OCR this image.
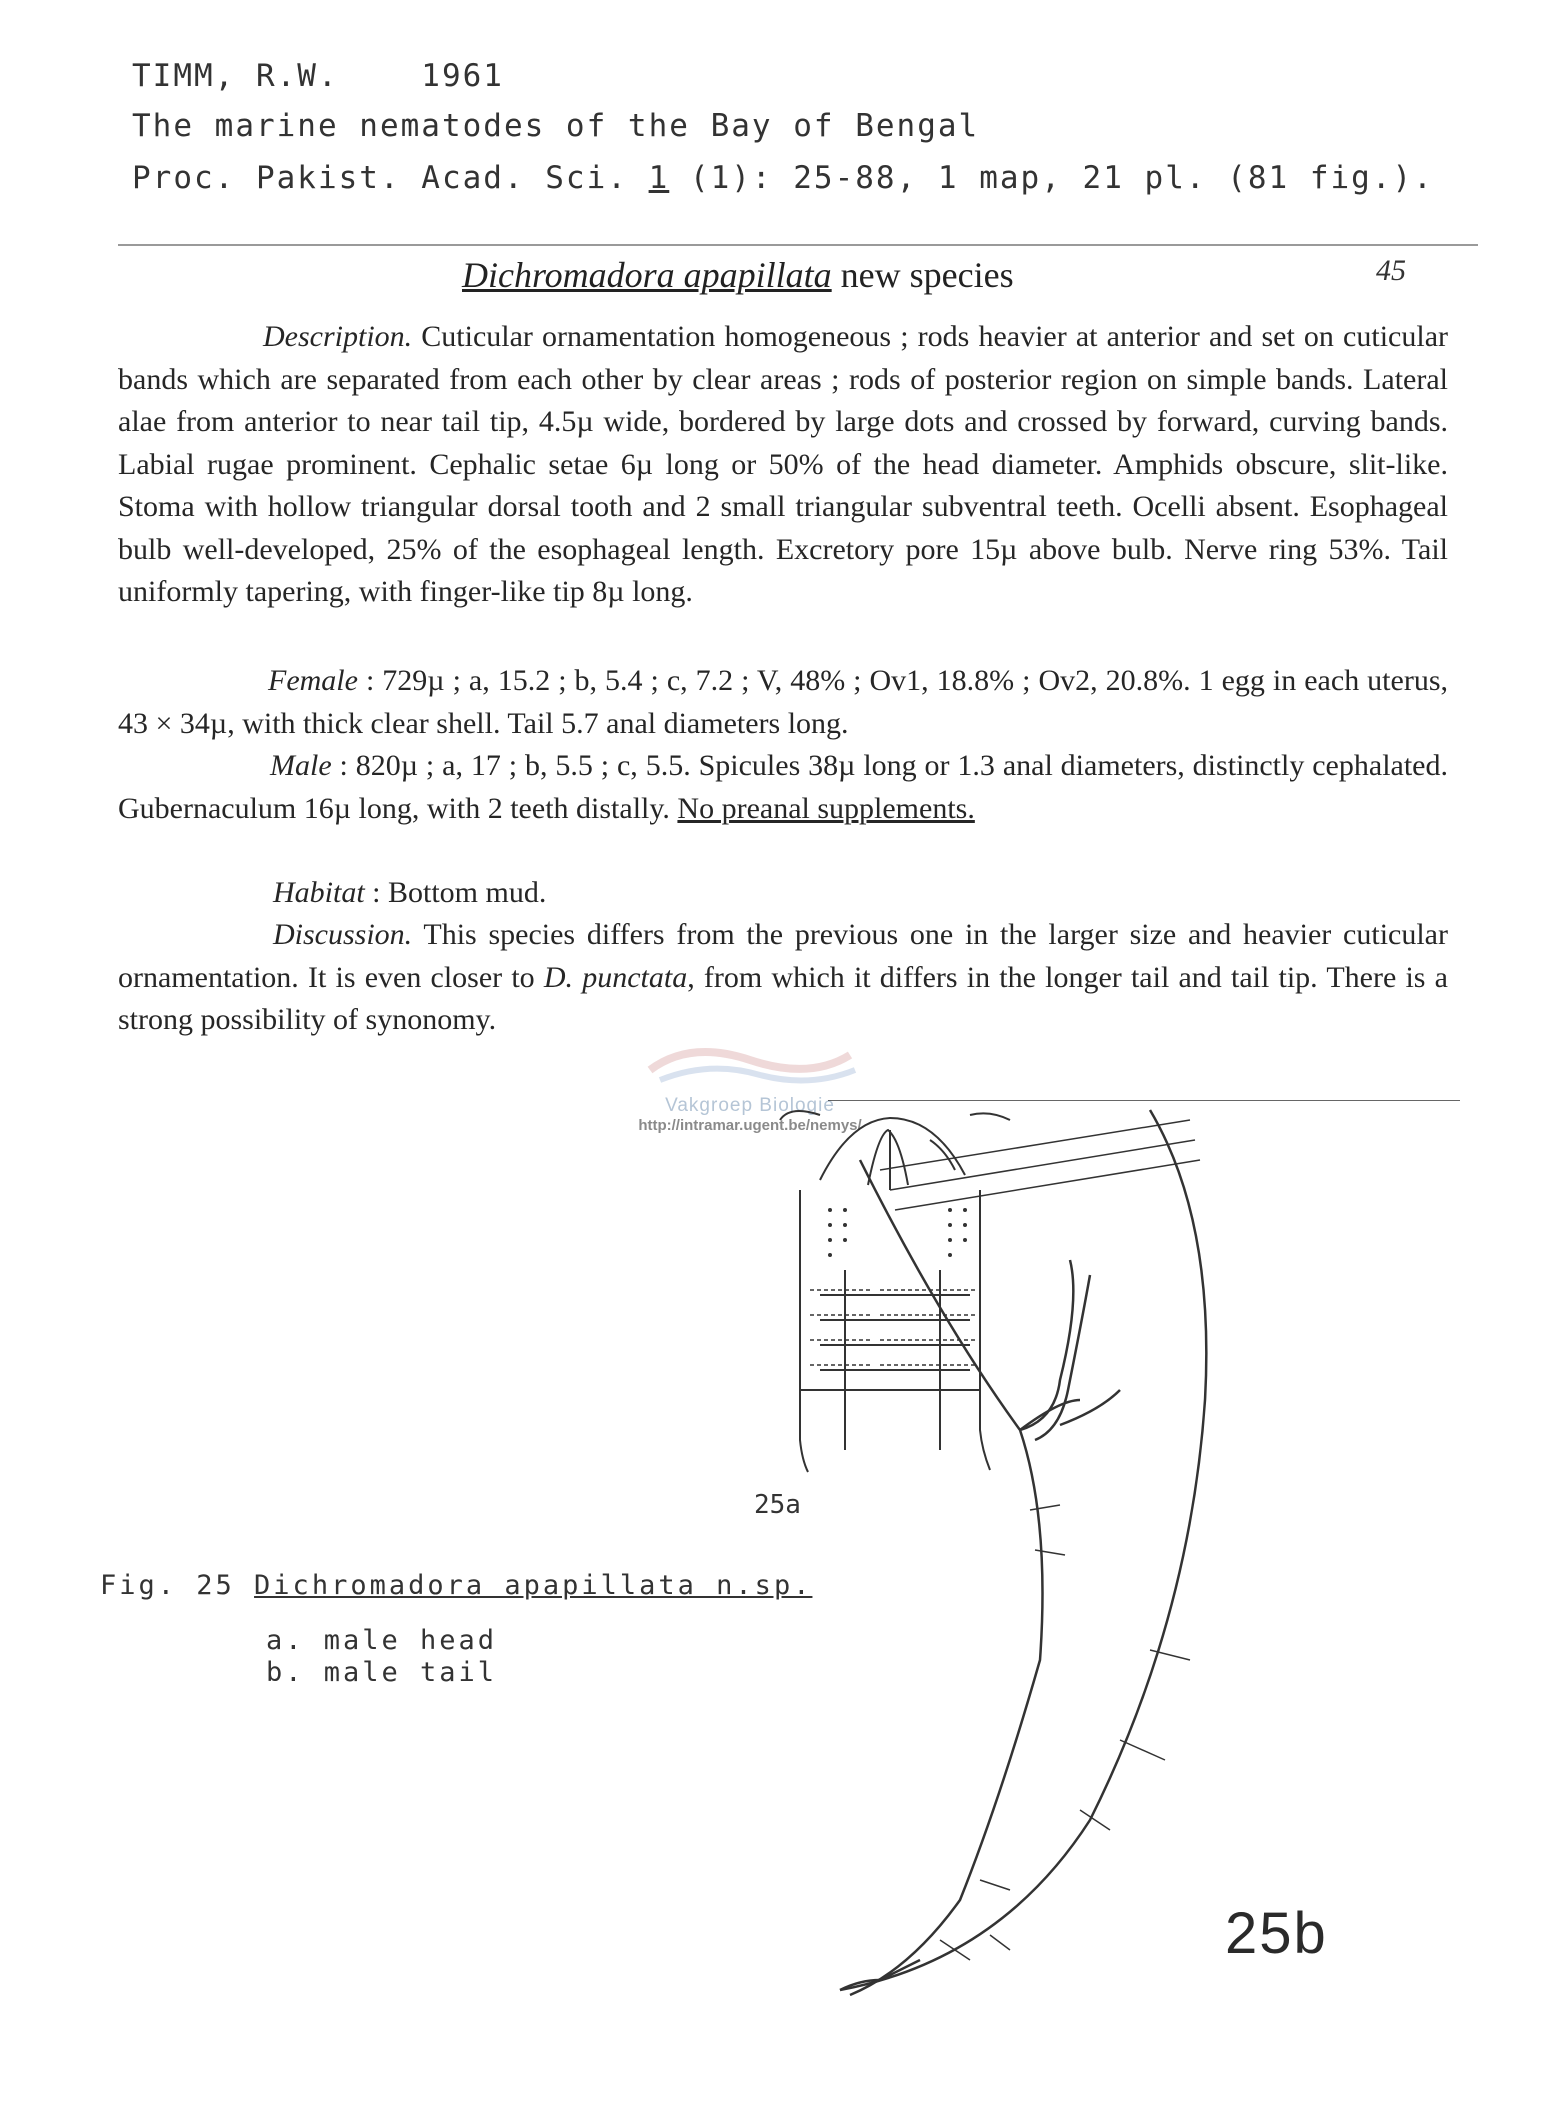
TIMM, R.W.	1961
The marine nematodes of the Bay of Bengal
Proc. Pakist. Acad. Sci. 1 (1): 25-88, 1 map, 21 pl. (81 fig.).
Dichromadora apapillata new species	45
Description. Cuticular ornamentation homogeneous ; rods heavier at anterior and set on cuticular bands which are separated from each other by clear areas ; rods of posterior region on simple bands. Lateral alae from anterior to near tail tip, 4.5µ wide, bordered by large dots and crossed by forward, curving bands. Labial rugae prominent. Cephalic setae 6µ long or 50% of the head diameter. Amphids obscure, slit-like. Stoma with hollow triangular dorsal tooth and 2 small triangular subventral teeth. Ocelli absent. Esophageal bulb well-developed, 25% of the esophageal length. Excretory pore 15µ above bulb. Nerve ring 53%. Tail uniformly tapering, with finger-like tip 8µ long.
Female : 729µ ; a, 15.2 ; b, 5.4 ; c, 7.2 ; V, 48% ; Ov1, 18.8% ; Ov2, 20.8%. 1 egg in each uterus, 43 × 34µ, with thick clear shell. Tail 5.7 anal diameters long.
Male : 820µ ; a, 17 ; b, 5.5 ; c, 5.5. Spicules 38µ long or 1.3 anal diameters, distinctly cephalated. Gubernaculum 16µ long, with 2 teeth distally. No preanal supplements.
Habitat : Bottom mud.
Discussion. This species differs from the previous one in the larger size and heavier cuticular ornamentation. It is even closer to D. punctata, from which it differs in the longer tail and tail tip. There is a strong possibility of synonomy.
Vakgroep Biologie
http://intramar.ugent.be/nemys/
25a
25b
Fig. 25 Dichromadora apapillata n.sp.
a. male head
b. male tail
